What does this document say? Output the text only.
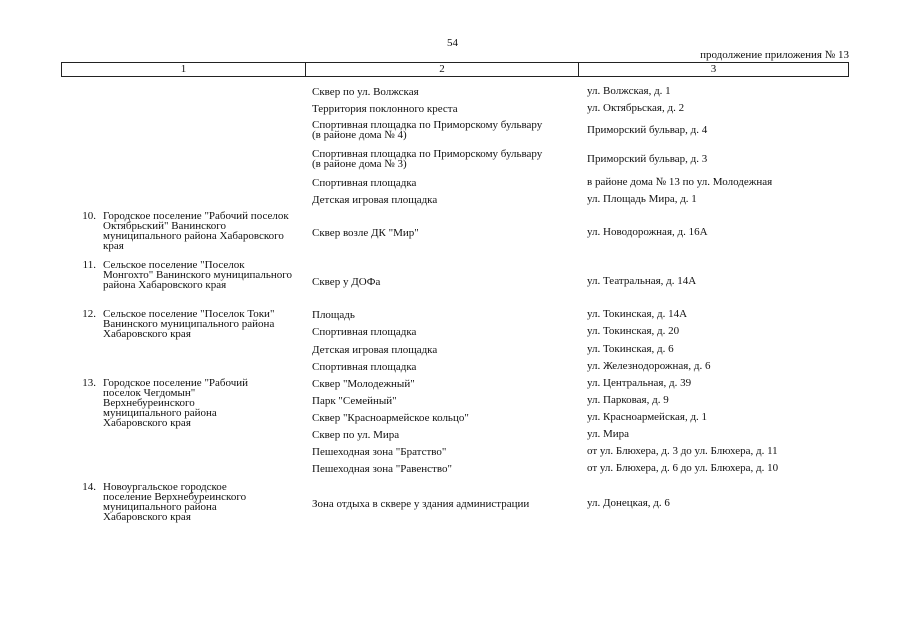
54
продолжение приложения № 13
1	2	3
Сквер по ул. Волжская	ул. Волжская, д. 1
Территория поклонного креста	ул. Октябрьская, д. 2
Спортивная площадка по Приморскому бульвару (в районе дома № 4)	Приморский бульвар, д. 4
Спортивная площадка по Приморскому бульвару (в районе дома № 3)	Приморский бульвар, д. 3
Спортивная площадка	в районе дома № 13 по ул. Молодежная
Детская игровая площадка	ул. Площадь Мира, д. 1
10. Городское поселение "Рабочий поселок Октябрьский" Ванинского муниципального района Хабаровского края
Сквер возле ДК "Мир"	ул. Новодорожная, д. 16А
11. Сельское поселение "Поселок Монгохто" Ванинского муниципального района Хабаровского края	Сквер у ДОФа	ул. Театральная, д. 14А
12. Сельское поселение "Поселок Токи" Ванинского муниципального района Хабаровского края
Площадь	ул. Токинская, д. 14А
Спортивная площадка	ул. Токинская, д. 20
Детская игровая площадка	ул. Токинская, д. 6
Спортивная площадка	ул. Железнодорожная, д. 6
13. Городское поселение "Рабочий поселок Чегдомын" Верхнебуреинского муниципального района Хабаровского края
Сквер "Молодежный"	ул. Центральная, д. 39
Парк "Семейный"	ул. Парковая, д. 9
Сквер "Красноармейское кольцо"	ул. Красноармейская, д. 1
Сквер по ул. Мира	ул. Мира
Пешеходная зона "Братство"	от ул. Блюхера, д. 3 до ул. Блюхера, д. 11
Пешеходная зона "Равенство"	от ул. Блюхера, д. 6 до ул. Блюхера, д. 10
14. Новоургальское городское поселение Верхнебуреинского муниципального района Хабаровского края
Зона отдыха в сквере у здания администрации	ул. Донецкая, д. 6
